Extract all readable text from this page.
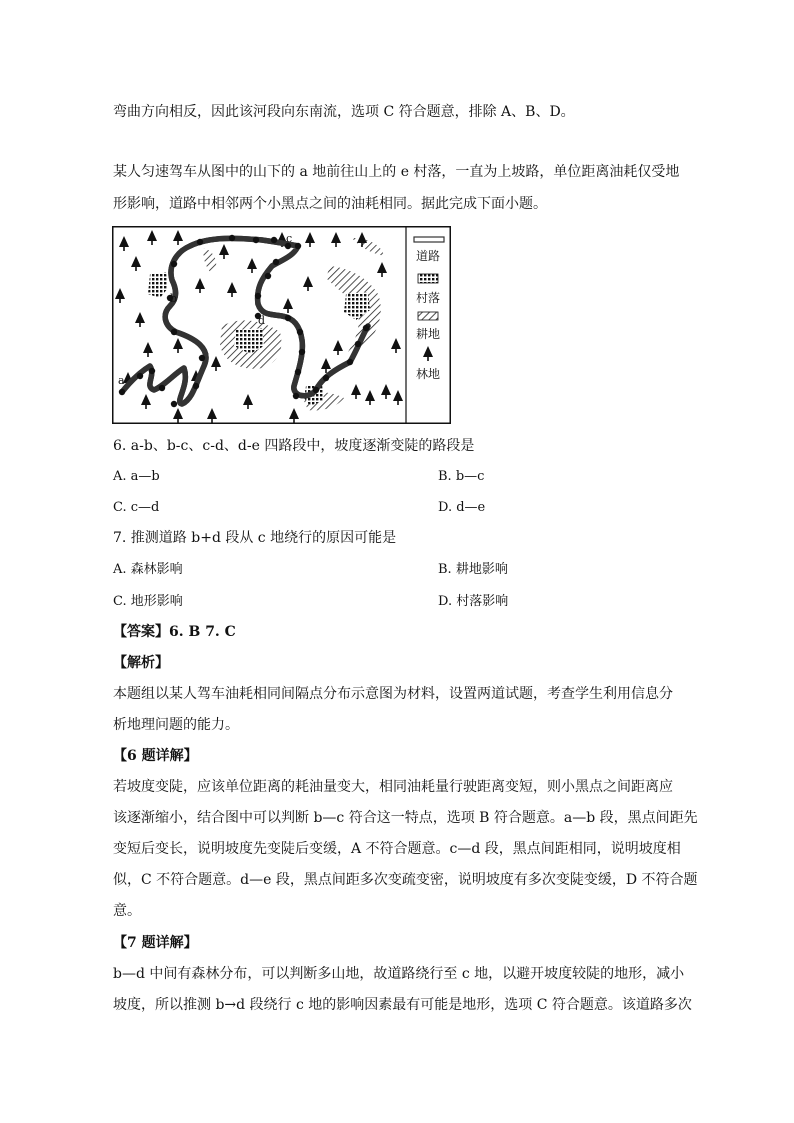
弯曲方向相反，因此该河段向东南流，选项 C 符合题意，排除 A、B、D。
某人匀速驾车从图中的山下的 a 地前往山上的 e 村落，一直为上坡路，单位距离油耗仅受地
形影响，道路中相邻两个小黑点之间的油耗相同。据此完成下面小题。
a
b
c
d	e
道路
村落
耕地
林地
6. a-b、b-c、c-d、d-e 四路段中，坡度逐渐变陡的路段是
A. a—b	B. b—c
C. c—d	D. d—e
7. 推测道路 b+d 段从 c 地绕行的原因可能是
A. 森林影响	B. 耕地影响
C. 地形影响	D. 村落影响
【答案】6. B 7. C
【解析】
本题组以某人驾车油耗相同间隔点分布示意图为材料，设置两道试题，考查学生利用信息分
析地理问题的能力。
【6 题详解】
若坡度变陡，应该单位距离的耗油量变大，相同油耗量行驶距离变短，则小黑点之间距离应
该逐渐缩小，结合图中可以判断 b—c 符合这一特点，选项 B 符合题意。a—b 段，黑点间距先
变短后变长，说明坡度先变陡后变缓，A 不符合题意。c—d 段，黑点间距相同，说明坡度相
似，C 不符合题意。d—e 段，黑点间距多次变疏变密，说明坡度有多次变陡变缓，D 不符合题
意。
【7 题详解】
b—d 中间有森林分布，可以判断多山地，故道路绕行至 c 地，以避开坡度较陡的地形，减小
坡度，所以推测 b→d 段绕行 c 地的影响因素最有可能是地形，选项 C 符合题意。该道路多次
